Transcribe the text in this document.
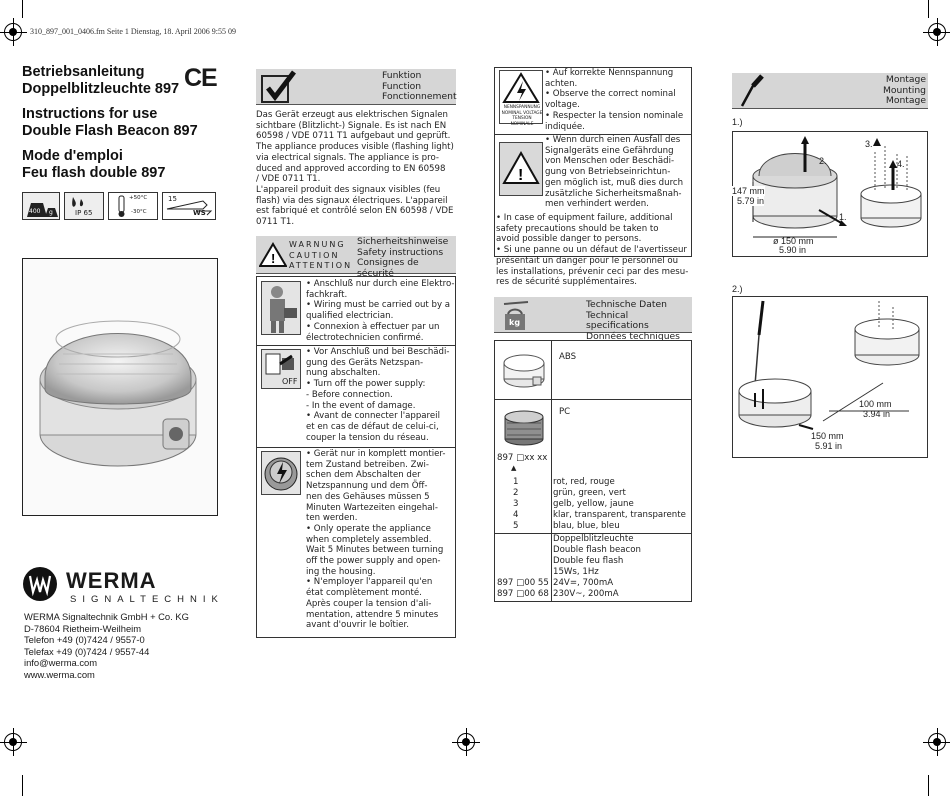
310_897_001_0406.fm Seite 1 Dienstag, 18. April 2006 9:55 09
Betriebsanleitung
Doppelblitzleuchte 897
Instructions for use
Double Flash Beacon 897
Mode d'emploi
Feu flash double 897
CE
400 g	IP 65
+50°C
-30°C
15
WS
WERMA
SIGNALTECHNIK
WERMA Signaltechnik GmbH + Co. KG
D-78604 Rietheim-Weilheim
Telefon +49 (0)7424 / 9557-0
Telefax +49 (0)7424 / 9557-44
info@werma.com
www.werma.com
Funktion
Function
Fonctionnement
Das Gerät erzeugt aus elektrischen Signalen
sichtbare (Blitzlicht-) Signale. Es ist nach EN
60598 / VDE 0711 T1 aufgebaut und geprüft.
The appliance produces visible (flashing light)
via electrical signals. The appliance is pro-
duced and approved according to EN 60598
/ VDE 0711 T1.
L'appareil produit des signaux visibles (feu
flash) via des signaux électriques. L'appareil
est fabriqué et contrôlé selon EN 60598 / VDE
0711 T1.
!
WARNUNG
CAUTION
ATTENTION
Sicherheitshinweise
Safety instructions
Consignes de sécurité
• Anschluß nur durch eine Elektro-
fachkraft.
• Wiring must be carried out by a
qualified electrician.
• Connexion à effectuer par un
électrotechnicien confirmé.
OFF
• Vor Anschluß und bei Beschädi-
gung des Geräts Netzspan-
nung abschalten.
• Turn off the power supply:
- Before connection.
- In the event of damage.
• Avant de connecter l'appareil
et en cas de défaut de celui-ci,
couper la tension du réseau.
• Gerät nur in komplett montier-
tem Zustand betreiben. Zwi-
schen dem Abschalten der
Netzspannung und dem Öff-
nen des Gehäuses müssen 5
Minuten Wartezeiten eingehal-
ten werden.
• Only operate the appliance
when completely assembled.
Wait 5 Minutes between turning
off the power supply and open-
ing the housing.
• N'employer l'appareil qu'en
état complètement monté.
Après couper la tension d'ali-
mentation, attendre 5 minutes
avant d'ouvrir le boîtier.
NENNSPANNUNG
NOMINAL VOLTAGE
TENSION NOMINALE
• Auf korrekte Nennspannung
achten.
• Observe the correct nominal
voltage.
• Respecter la tension nominale
indiquée.
!
• Wenn durch einen Ausfall des
Signalgeräts eine Gefährdung
von Menschen oder Beschädi-
gung von Betriebseinrichtun-
gen möglich ist, muß dies durch
zusätzliche Sicherheitsmaßnah-
men verhindert werden.
• In case of equipment failure, additional
safety precautions should be taken to
avoid possible danger to persons.
• Si une panne ou un défaut de l'avertisseur
présentait un danger pour le personnel ou
les installations, prévenir ceci par des mesu-
res de sécurité supplémentaires.
kg
Technische Daten
Technical specifications
Données techniques
ABS
PC
897 □xx xx
▲
1	rot, red, rouge
2	grün, green, vert
3	gelb, yellow, jaune
4	klar, transparent, transparente
5	blau, blue, bleu
Doppelblitzleuchte
Double flash beacon
Double feu flash
15Ws, 1Hz
897 □00 55 24V=, 700mA
897 □00 68 230V~, 200mA
Montage
Mounting
Montage
1.)
2.
1.
3.
4.
147 mm
5.79 in
ø 150 mm
5.90 in
2.)
100 mm
3.94 in
150 mm
5.91 in
